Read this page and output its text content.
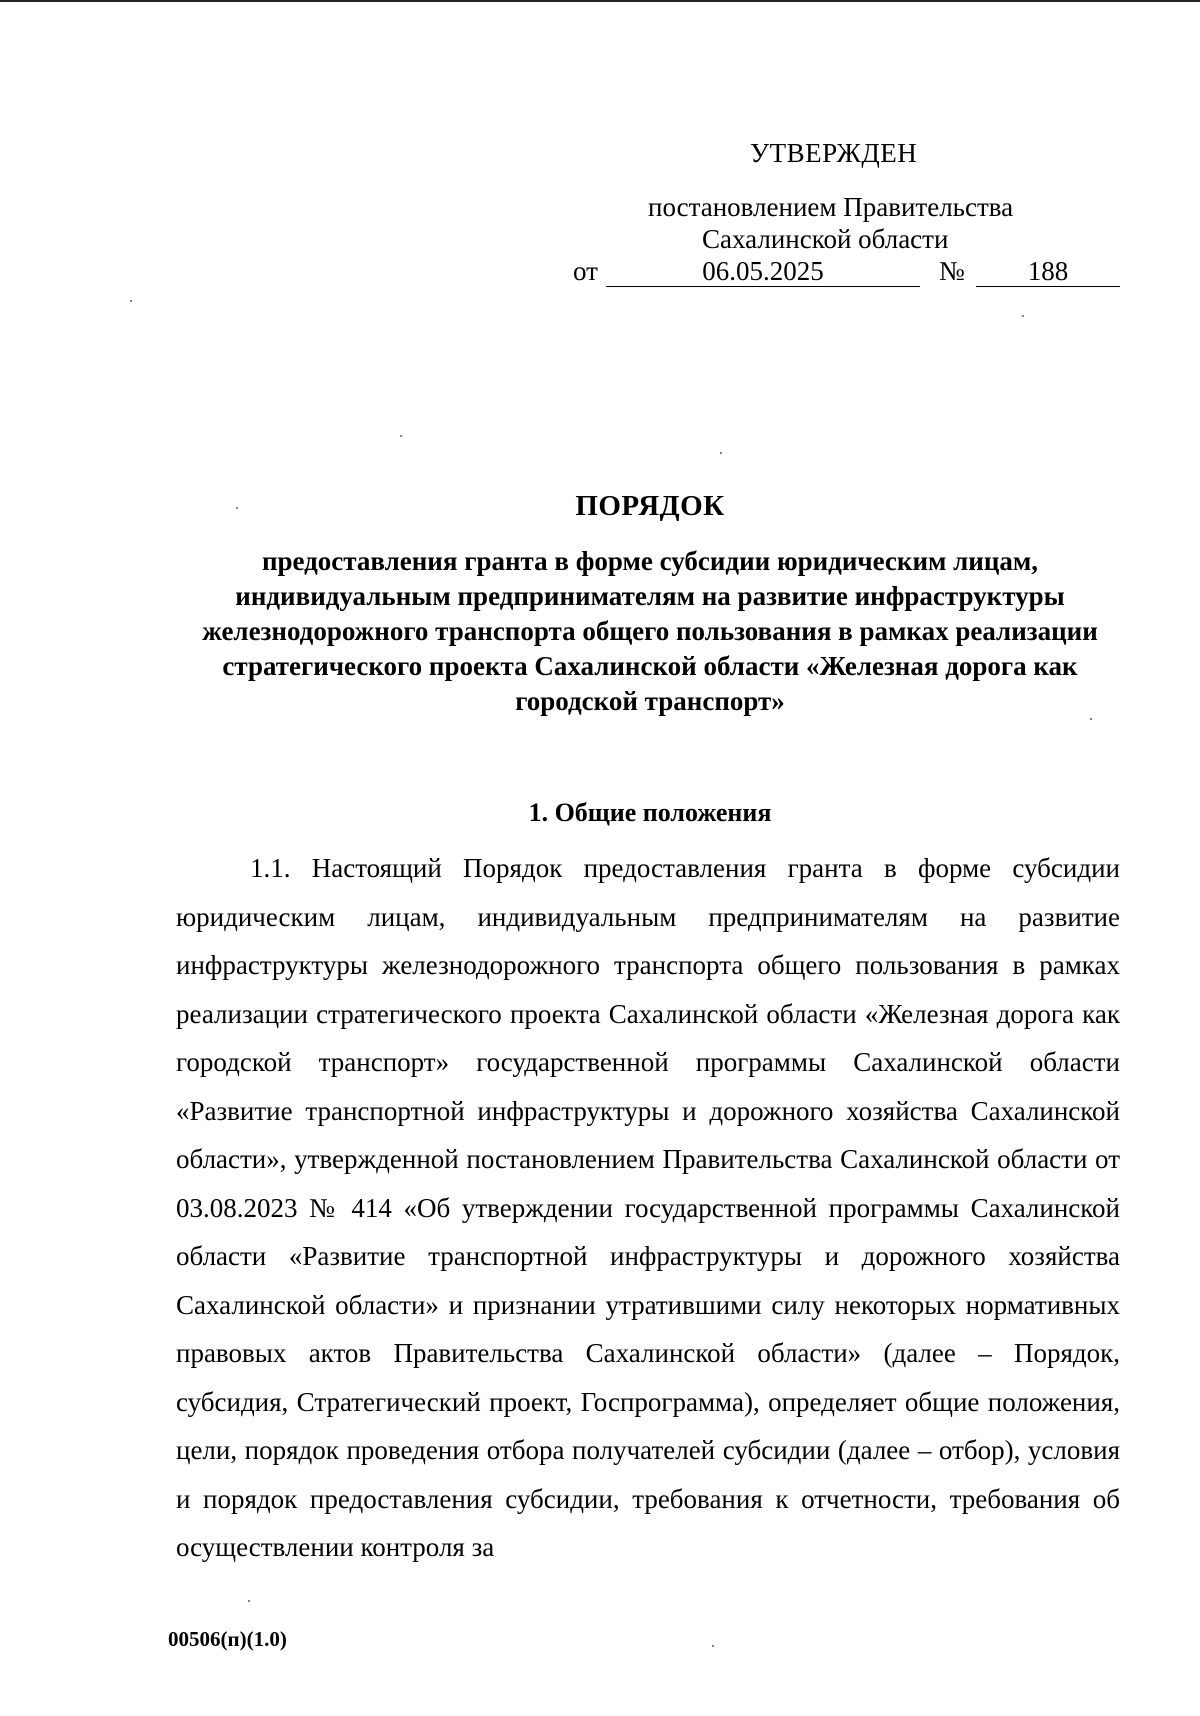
УТВЕРЖДЕН
постановлением Правительства
Сахалинской области
от	06.05.2025	№	188
ПОРЯДОК
предоставления гранта в форме субсидии юридическим лицам,
индивидуальным предпринимателям на развитие инфраструктуры
железнодорожного транспорта общего пользования в рамках реализации
стратегического проекта Сахалинской области «Железная дорога как
городской транспорт»
1. Общие положения

1.1. Настоящий Порядок предоставления гранта в форме субсидии юридическим лицам, индивидуальным предпринимателям на развитие инфраструктуры железнодорожного транспорта общего пользования в рамках реализации стратегического проекта Сахалинской области «Железная дорога как городской транспорт» государственной программы Сахалинской области «Развитие транспортной инфраструктуры и дорожного хозяйства Сахалинской области», утвержденной постановлением Правительства Сахалинской области от 03.08.2023 № 414 «Об утверждении государственной программы Сахалинской области «Развитие транспортной инфраструктуры и дорожного хозяйства Сахалинской области» и признании утратившими силу некоторых нормативных правовых актов Правительства Сахалинской области» (далее – Порядок, субсидия, Стратегический проект, Госпрограмма), определяет общие положения, цели, порядок проведения отбора получателей субсидии (далее – отбор), условия и порядок предоставления субсидии, требования к отчетности, требования об осуществлении контроля за

00506(п)(1.0)
